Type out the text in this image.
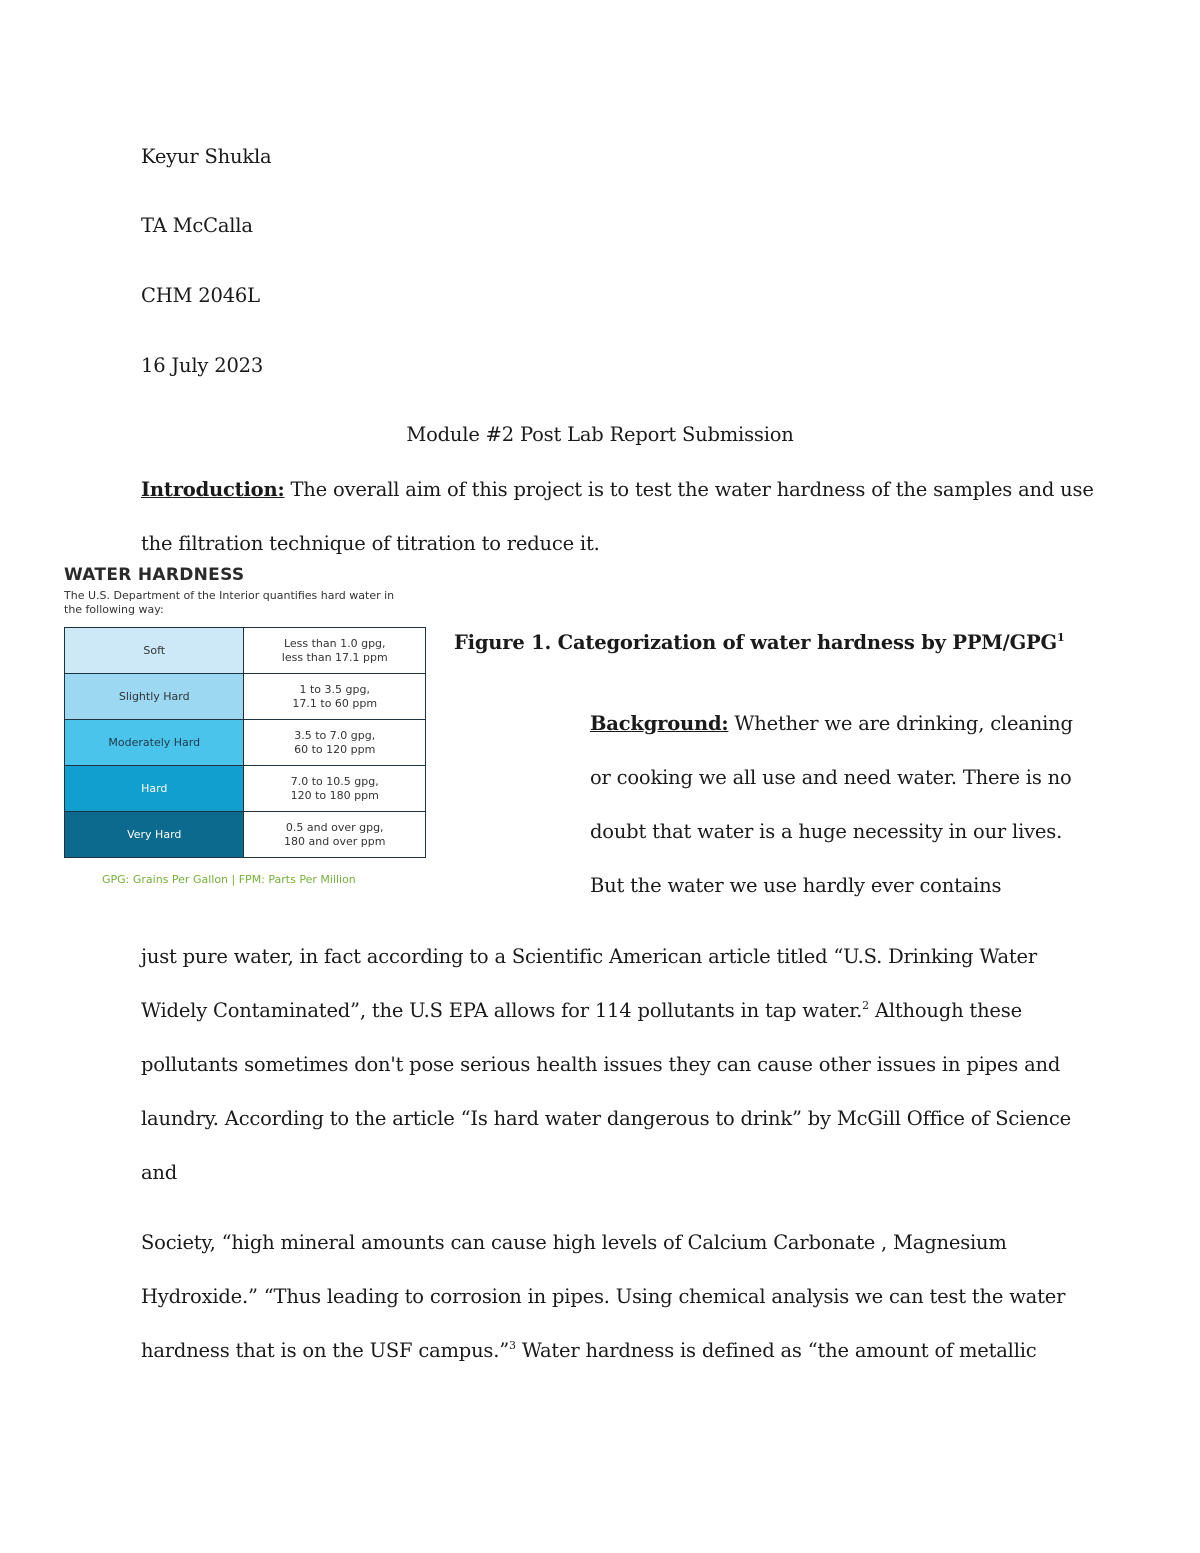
Keyur Shukla
TA McCalla
CHM 2046L
16 July 2023
Module #2 Post Lab Report Submission
Introduction: The overall aim of this project is to test the water hardness of the samples and use
the filtration technique of titration to reduce it.
WATER HARDNESS
The U.S. Department of the Interior quantifies hard water in the following way:
Soft	Less than 1.0 gpg,
less than 17.1 ppm

Slightly Hard	1 to 3.5 gpg,
17.1 to 60 ppm

Moderately Hard	3.5 to 7.0 gpg,
60 to 120 ppm

Hard	7.0 to 10.5 gpg,
120 to 180 ppm

Very Hard	0.5 and over gpg,
180 and over ppm
GPG: Grains Per Gallon | FPM: Parts Per Million
Figure 1. Categorization of water hardness by PPM/GPG$^1$
Background: Whether we are drinking, cleaning
or cooking we all use and need water. There is no
doubt that water is a huge necessity in our lives.
But the water we use hardly ever contains
just pure water, in fact according to a Scientific American article titled “U.S. Drinking Water
Widely Contaminated”, the U.S EPA allows for 114 pollutants in tap water.$^2$ Although these
pollutants sometimes don't pose serious health issues they can cause other issues in pipes and
laundry. According to the article “Is hard water dangerous to drink” by McGill Office of Science
and
Society, “high mineral amounts can cause high levels of Calcium Carbonate , Magnesium
Hydroxide.” “Thus leading to corrosion in pipes. Using chemical analysis we can test the water
hardness that is on the USF campus.”$^3$ Water hardness is defined as “the amount of metallic
